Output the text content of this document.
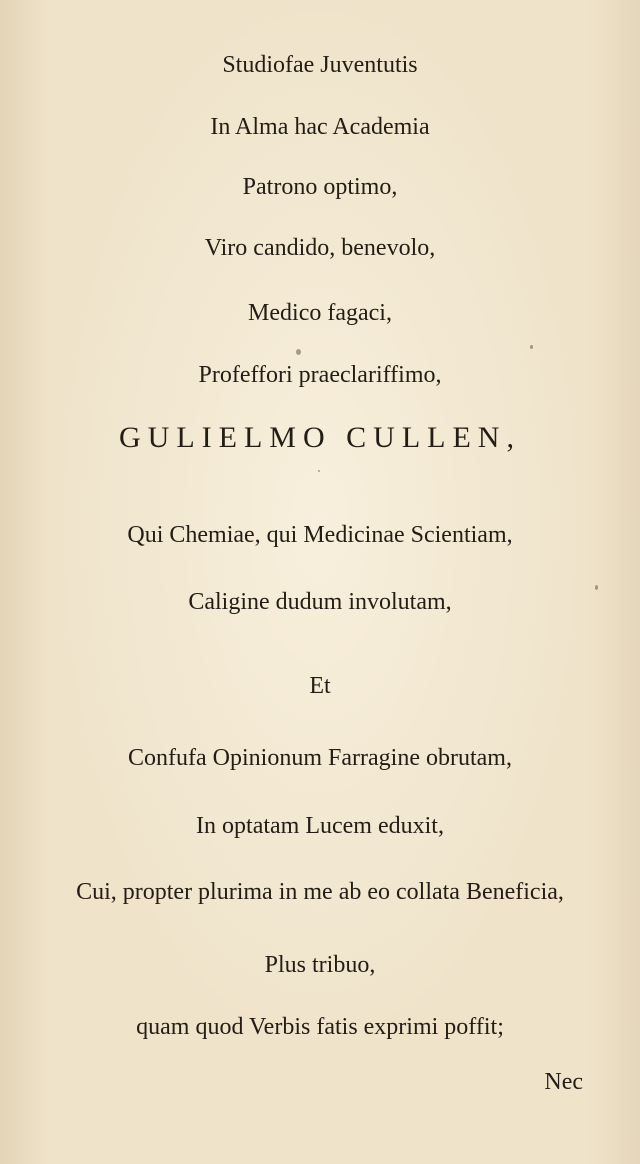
Studiofae Juventutis
In Alma hac Academia
Patrono optimo,
Viro candido, benevolo,
Medico fagaci,
Profeffori praeclariffimo,
GULIELMO CULLEN,
Qui Chemiae, qui Medicinae Scientiam,
Caligine dudum involutam,
Et
Confufa Opinionum Farragine obrutam,
In optatam Lucem eduxit,
Cui, propter plurima in me ab eo collata Beneficia,
Plus tribuo,
quam quod Verbis fatis exprimi poffit;
Nec
